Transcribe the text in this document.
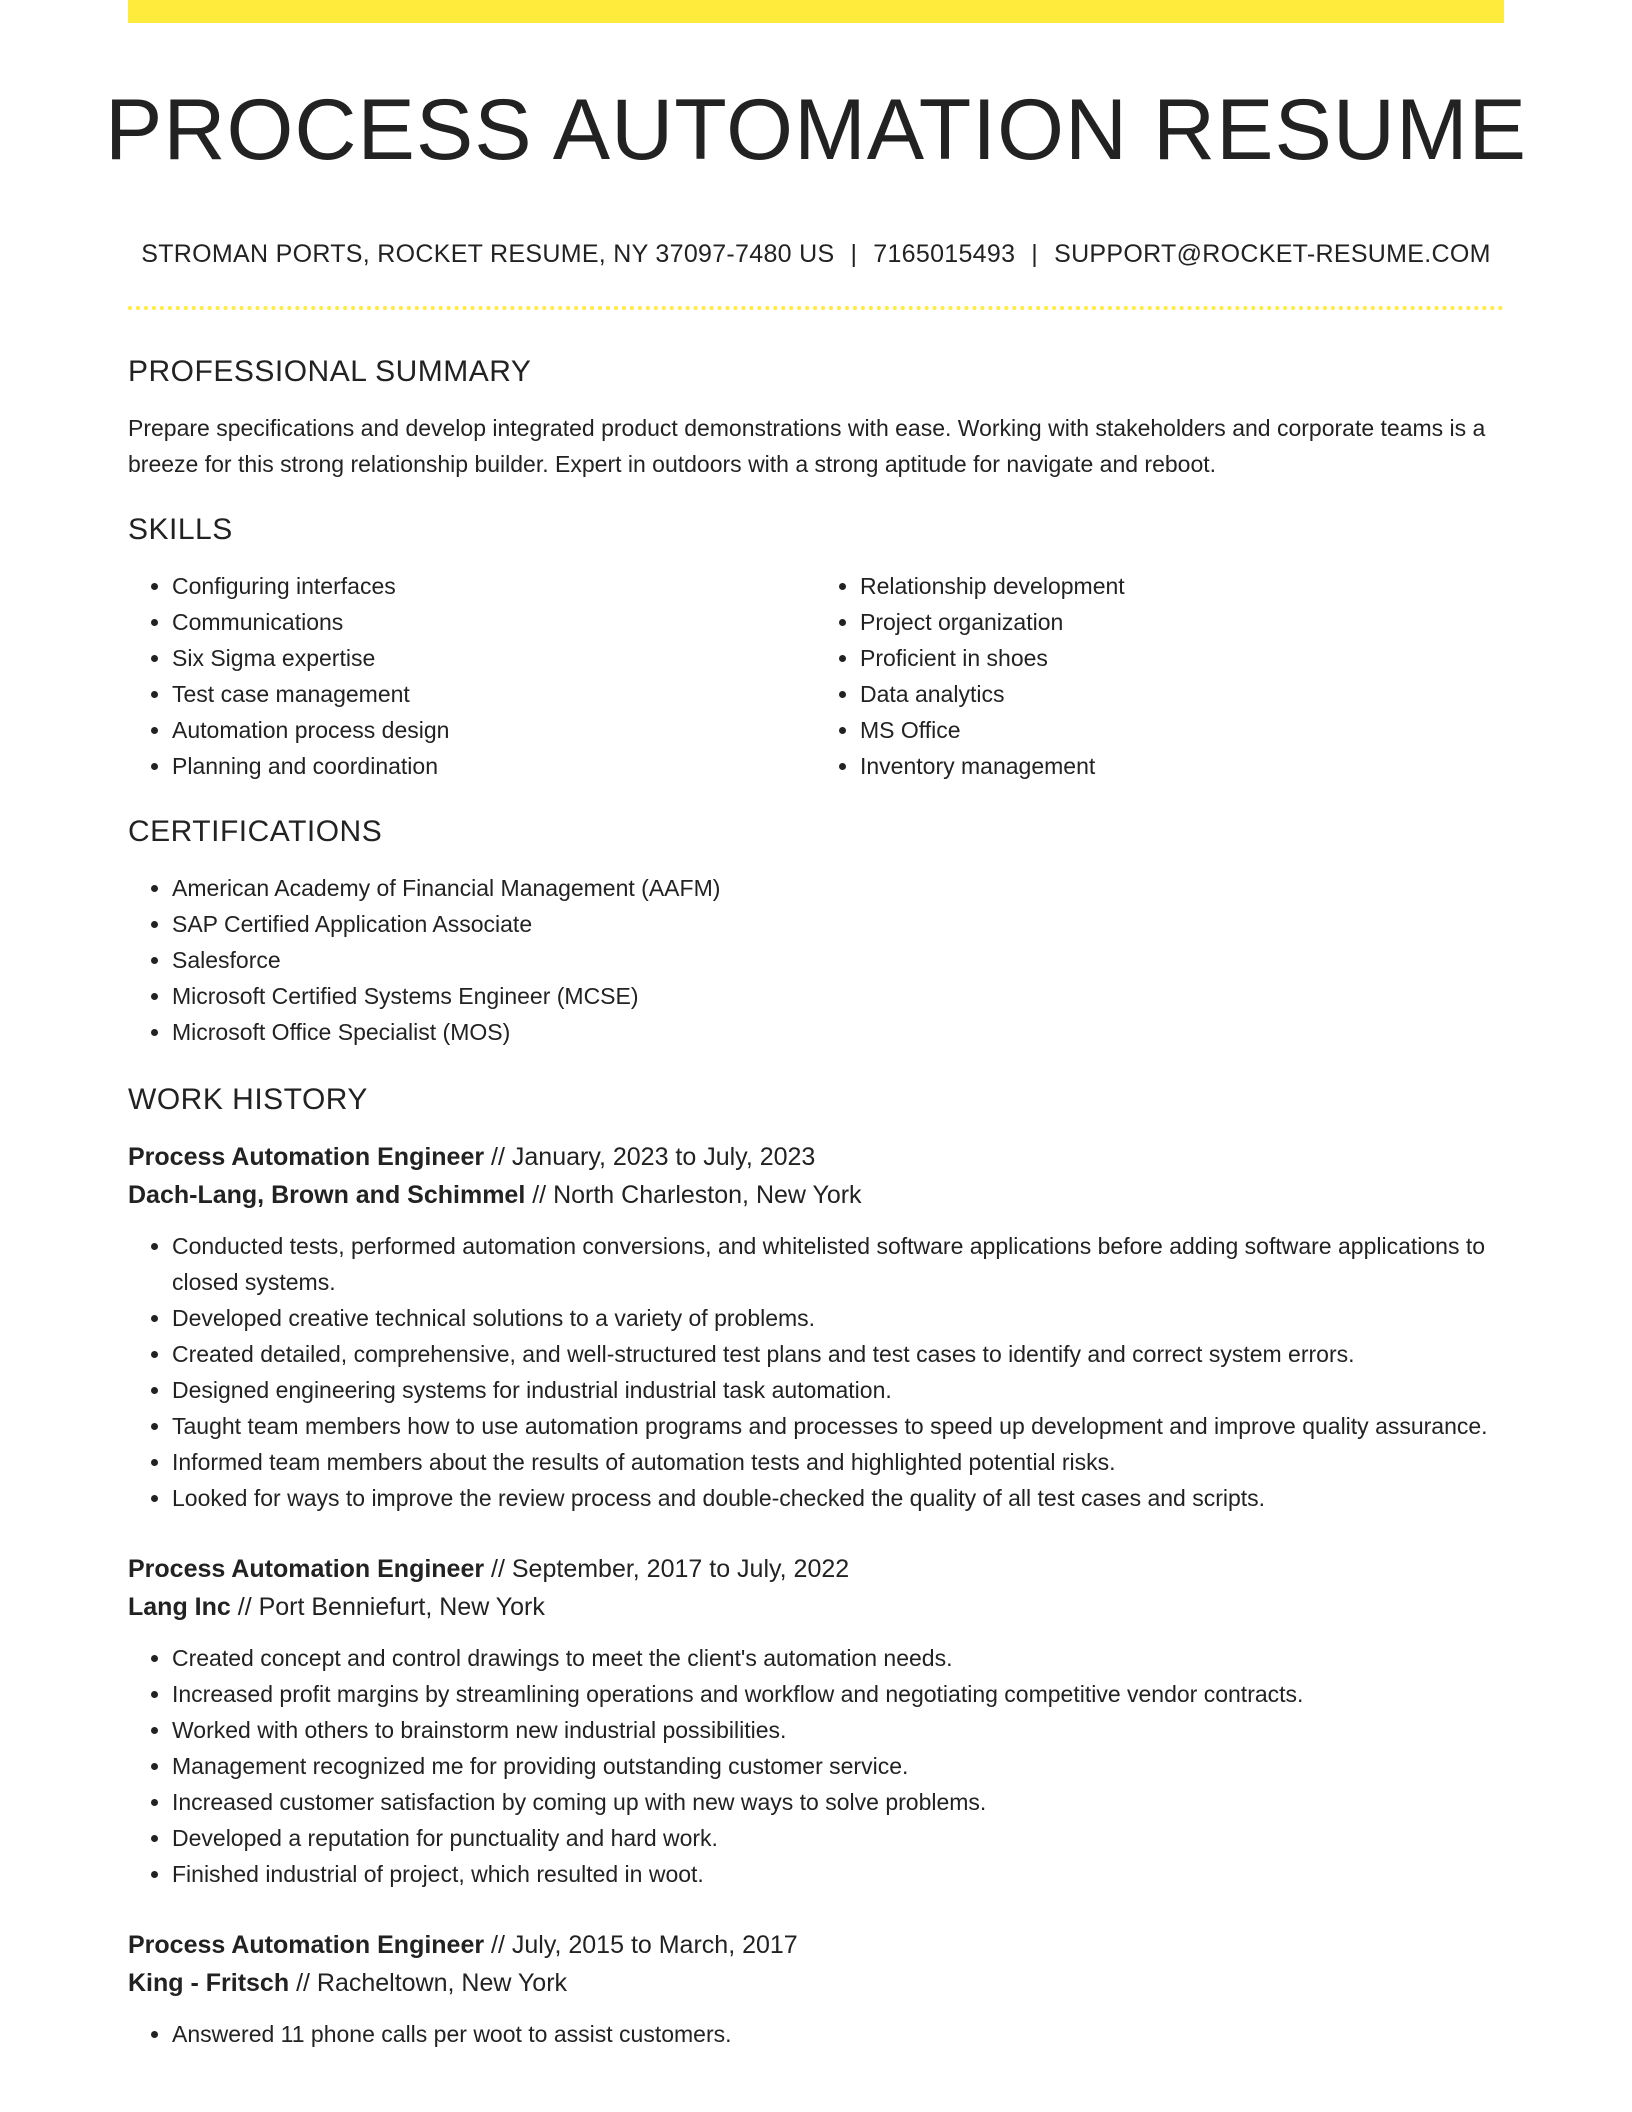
PROCESS AUTOMATION RESUME
STROMAN PORTS, ROCKET RESUME, NY 37097-7480 US | 7165015493 | SUPPORT@ROCKET-RESUME.COM
PROFESSIONAL SUMMARY

Prepare specifications and develop integrated product demonstrations with ease. Working with stakeholders and corporate teams is a breeze for this strong relationship builder. Expert in outdoors with a strong aptitude for navigate and reboot.

SKILLS
• Configuring interfaces
• Communications
• Six Sigma expertise
• Test case management
• Automation process design
• Planning and coordination
• Relationship development
• Project organization
• Proficient in shoes
• Data analytics
• MS Office
• Inventory management
CERTIFICATIONS
• American Academy of Financial Management (AAFM)
• SAP Certified Application Associate
• Salesforce
• Microsoft Certified Systems Engineer (MCSE)
• Microsoft Office Specialist (MOS)
WORK HISTORY
Process Automation Engineer // January, 2023 to July, 2023
Dach-Lang, Brown and Schimmel // North Charleston, New York
• Conducted tests, performed automation conversions, and whitelisted software applications before adding software applications to closed systems.
• Developed creative technical solutions to a variety of problems.
• Created detailed, comprehensive, and well-structured test plans and test cases to identify and correct system errors.
• Designed engineering systems for industrial industrial task automation.
• Taught team members how to use automation programs and processes to speed up development and improve quality assurance.
• Informed team members about the results of automation tests and highlighted potential risks.
• Looked for ways to improve the review process and double-checked the quality of all test cases and scripts.
Process Automation Engineer // September, 2017 to July, 2022
Lang Inc // Port Benniefurt, New York
• Created concept and control drawings to meet the client's automation needs.
• Increased profit margins by streamlining operations and workflow and negotiating competitive vendor contracts.
• Worked with others to brainstorm new industrial possibilities.
• Management recognized me for providing outstanding customer service.
• Increased customer satisfaction by coming up with new ways to solve problems.
• Developed a reputation for punctuality and hard work.
• Finished industrial of project, which resulted in woot.
Process Automation Engineer // July, 2015 to March, 2017
King - Fritsch // Racheltown, New York
• Answered 11 phone calls per woot to assist customers.
